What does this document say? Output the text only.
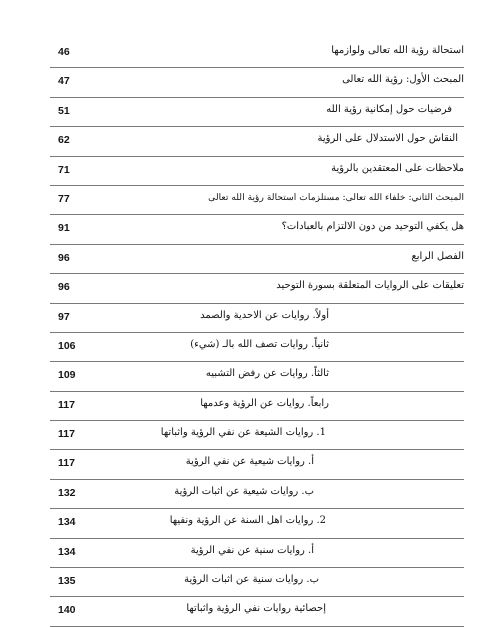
46	استحالة رؤية الله تعالى ولوازمها
47	المبحث الأول: رؤية الله تعالى
51	فرضيات حول إمكانية رؤية الله
62	النقاش حول الاستدلال على الرؤية
71	ملاحظات على المعتقدين بالرؤية
77	المبحث الثاني: خلفاء الله تعالى: مستلزمات استحالة رؤية الله تعالى
91	هل يكفي التوحيد من دون الالتزام بالعبادات؟
96	الفصل الرابع
96	تعليقات على الروايات المتعلقة بسورة التوحيد
97	أولاً. روايات عن الاحدية والصمد
106	ثانياً. روايات تصف الله بالـ (شيء)
109	ثالثاً. روايات عن رفض التشبيه
117	رابعاً. روايات عن الرؤية وعدمها
117	1. روايات الشيعة عن نفي الرؤية واثباتها
117	أ. روايات شيعية عن نفي الرؤية
132	ب. روايات شيعية عن اثبات الرؤية
134	2. روايات اهل السنة عن الرؤية ونفيها
134	أ. روايات سنية عن نفي الرؤية
135	ب. روايات سنية عن اثبات الرؤية
140	إحصائية روايات نفي الرؤية واثباتها
